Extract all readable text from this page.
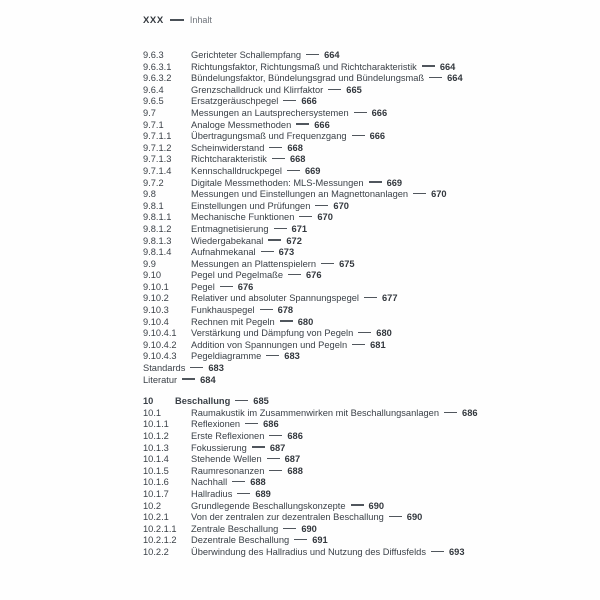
XXX	Inhalt
9.6.3	Gerichteter Schallempfang 664
9.6.3.1 Richtungsfaktor, Richtungsmaß und Richtcharakteristik 664
9.6.3.2 Bündelungsfaktor, Bündelungsgrad und Bündelungsmaß 664
9.6.4	Grenzschalldruck und Klirrfaktor 665
9.6.5	Ersatzgeräuschpegel 666
9.7	Messungen an Lautsprechersystemen 666
9.7.1	Analoge Messmethoden 666
9.7.1.1 Übertragungsmaß und Frequenzgang 666
9.7.1.2 Scheinwiderstand 668
9.7.1.3 Richtcharakteristik 668
9.7.1.4 Kennschalldruckpegel 669
9.7.2	Digitale Messmethoden: MLS-Messungen 669
9.8	Messungen und Einstellungen an Magnettonanlagen 670
9.8.1	Einstellungen und Prüfungen 670
9.8.1.1 Mechanische Funktionen 670
9.8.1.2 Entmagnetisierung 671
9.8.1.3 Wiedergabekanal 672
9.8.1.4 Aufnahmekanal 673
9.9	Messungen an Plattenspielern 675
9.10	Pegel und Pegelmaße 676
9.10.1 Pegel 676
9.10.2 Relativer und absoluter Spannungspegel 677
9.10.3 Funkhauspegel 678
9.10.4 Rechnen mit Pegeln 680
9.10.4.1 Verstärkung und Dämpfung von Pegeln 680
9.10.4.2 Addition von Spannungen und Pegeln 681
9.10.4.3 Pegeldiagramme 683
Standards 683
Literatur 684
10 Beschallung 685
10.1	Raumakustik im Zusammenwirken mit Beschallungsanlagen 686
10.1.1 Reflexionen 686
10.1.2 Erste Reflexionen 686
10.1.3 Fokussierung 687
10.1.4 Stehende Wellen 687
10.1.5 Raumresonanzen 688
10.1.6 Nachhall 688
10.1.7 Hallradius 689
10.2	Grundlegende Beschallungskonzepte 690
10.2.1 Von der zentralen zur dezentralen Beschallung 690
10.2.1.1 Zentrale Beschallung 690
10.2.1.2 Dezentrale Beschallung 691
10.2.2 Überwindung des Hallradius und Nutzung des Diffusfelds 693
